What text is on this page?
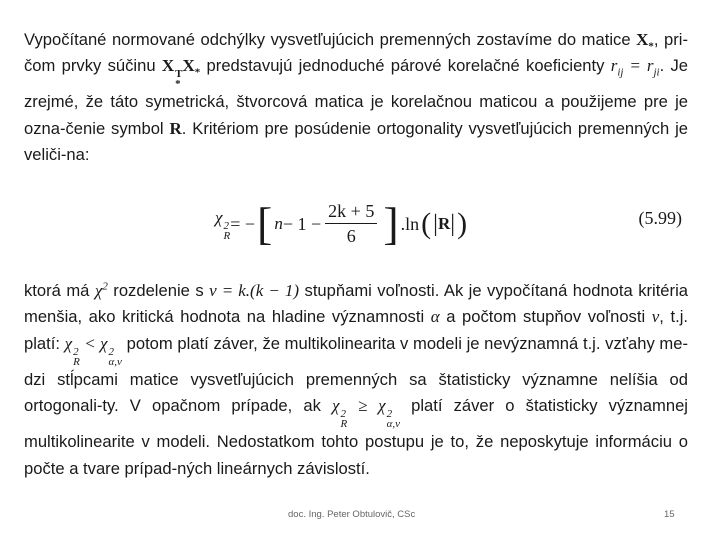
Vypočítané normované odchýlky vysvetľujúcich premenných zostavíme do matice $X_*$, pri-čom prvky súčinu X T
*
$X_*$ predstavujú jednoduché párové korelačné koeficienty $r_{ij} = r_{ji}$. Je zrejmé, že táto symetrická, štvorcová matica je korelačnou maticou a použijeme pre je ozna-čenie symbol R. Kritériom pre posúdenie ortogonality vysvetľujúcich premenných je veliči-na:
χ 2
R
= − [ $n - 1 - \frac{2k + 5}{6}$ ] .ln ( | R | )	(5.99)
ktorá má $\chi^2$ rozdelenie s v = k.(k − 1) stupňami voľnosti. Ak je vypočítaná hodnota kritéria menšia, ako kritická hodnota na hladine významnosti α a počtom stupňov voľnosti v, t.j. platí: χ 2
R
< χ 2
α,v
potom platí záver, že multikolinearita v modeli je nevýznamná t.j. vzťahy me-dzi stĺpcami matice vysvetľujúcich premenných sa štatisticky významne nelíšia od ortogonali-ty. V opačnom prípade, ak χ 2
R
≥ χ 2
α,v
platí záver o štatisticky významnej multikolinearite v modeli. Nedostatkom tohto postupu je to, že neposkytuje informáciu o počte a tvare prípad-ných lineárnych závislostí.
doc. Ing. Peter Obtulovič, CSc	15
